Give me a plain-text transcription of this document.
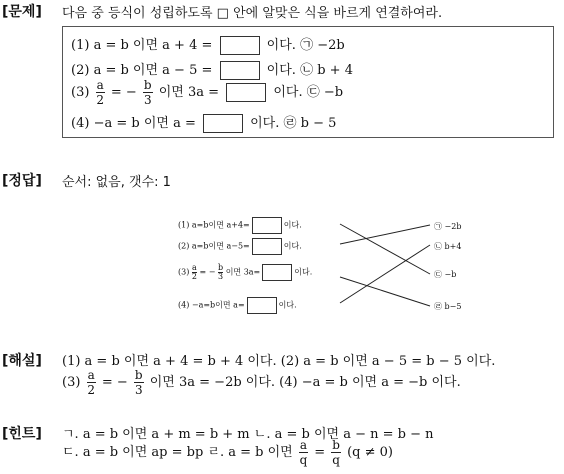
[문제] 다음 중 등식이 성립하도록 □ 안에 알맞은 식을 바르게 연결하여라.
(1) a = b 이면 a + 4 =	이다. ㉠ −2b
(2) a = b 이면 a − 5 =	이다. ㉡ b + 4
$(3) \frac{a}{2}$ = − $\frac{b}{3}$ 이면 3a =	이다. ㉢ −b
(4) −a = b 이면 a =	이다. ㉣ b − 5
[정답] 순서: 없음, 갯수: 1
(1) a=b이면 a+4=	이다.
(2) a=b이면 a−5=	이다.
$(3) \frac{a}{2}$ = − $\frac{b}{3}$ 이면 3a=	이다.
(4) −a=b이면 a=	이다.
㉠ −2b
㉡ b+4
㉢ −b
㉣ b−5
[해설] (1) a = b 이면 a + 4 = b + 4 이다. (2) a = b 이면 a − 5 = b − 5 이다.
$(3) \frac{a}{2}$ = − $\frac{b}{3}$ 이면 3a = −2b 이다. (4) −a = b 이면 a = −b 이다.
[힌트] ㄱ. a = b 이면 a + m = b + m ㄴ. a = b 이면 a − n = b − n
ㄷ. a = b 이면 ap = bp ㄹ. a = b 이면 $\frac{a}{q} = \frac{b}{q} (q \ne 0)$
